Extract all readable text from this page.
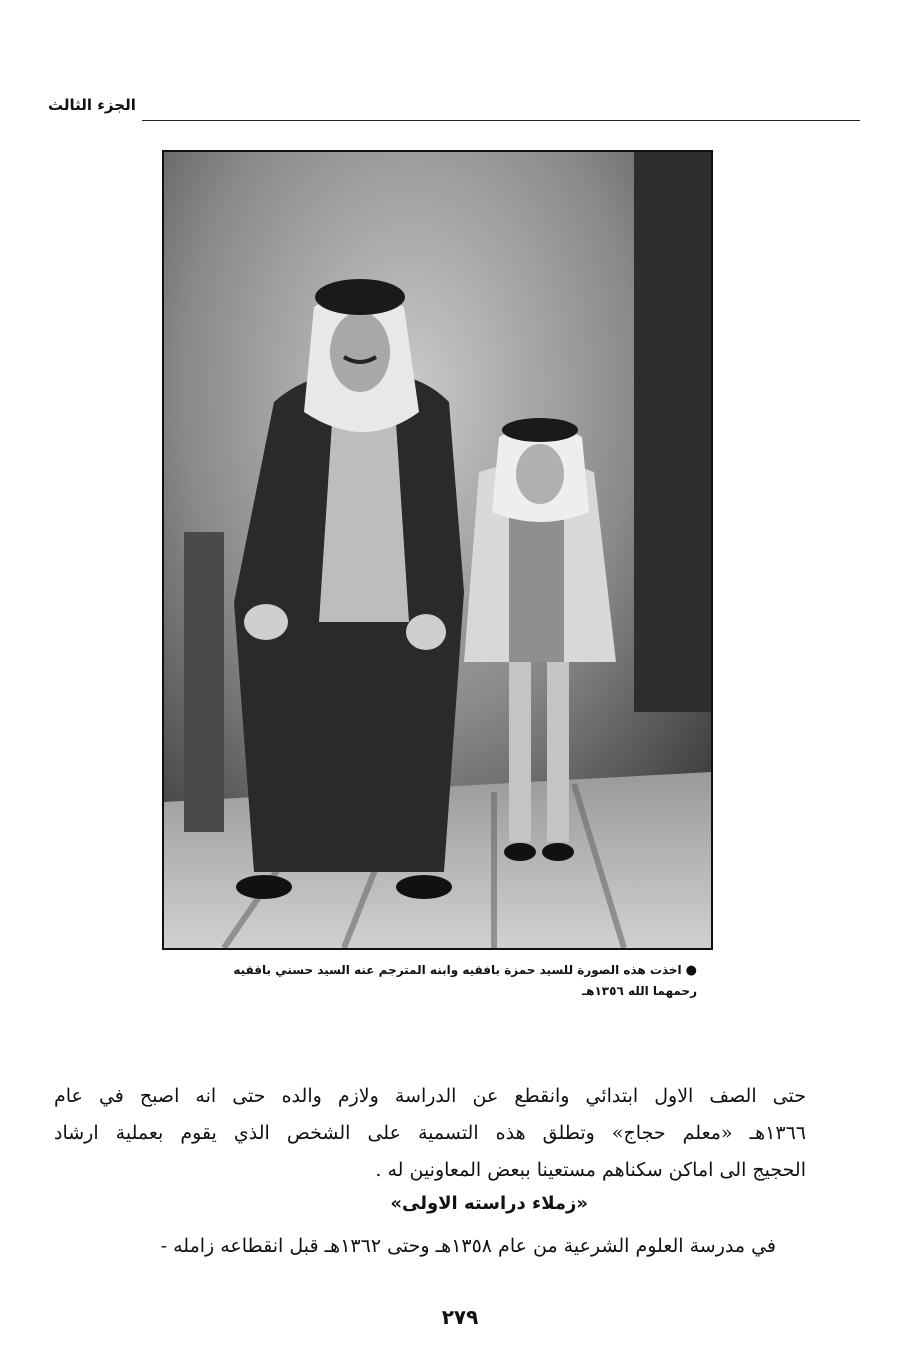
الجزء الثالث
●اخذت هذه الصورة للسيد حمزة بافقيه وابنه المترجم عنه السيد حسني بافقيه
رحمهما الله ١٣٥٦هـ
حتى الصف الاول ابتدائي وانقطع عن الدراسة ولازم والده حتى انه اصبح في عام
١٣٦٦هـ «معلم حجاج» وتطلق هذه التسمية على الشخص الذي يقوم بعملية ارشاد
الحجيج الى اماكن سكناهم مستعينا ببعض المعاونين له .
«زملاء دراسته الاولى»
في مدرسة العلوم الشرعية من عام ١٣٥٨هـ وحتى ١٣٦٢هـ قبل انقطاعه زامله -
٢٧٩
